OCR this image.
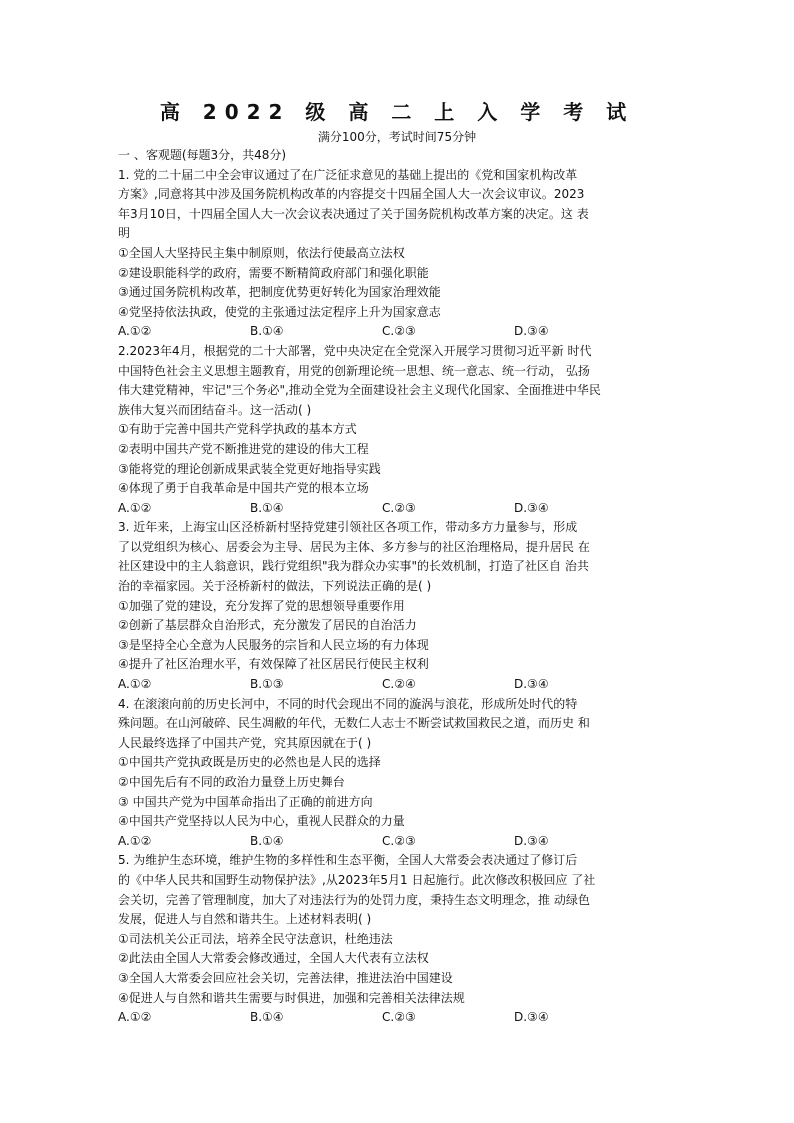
高 2022 级 高 二 上 入 学 考 试
满分100分，考试时间75分钟
一 、客观题(每题3分，共48分)
1. 党的二十届二中全会审议通过了在广泛征求意见的基础上提出的《党和国家机构改革
方案》,同意将其中涉及国务院机构改革的内容提交十四届全国人大一次会议审议。2023
年3月10日，十四届全国人大一次会议表决通过了关于国务院机构改革方案的决定。这 表
明
①全国人大坚持民主集中制原则，依法行使最高立法权
②建设职能科学的政府，需要不断精简政府部门和强化职能
③通过国务院机构改革，把制度优势更好转化为国家治理效能
④党坚持依法执政，使党的主张通过法定程序上升为国家意志
A.①②	B.①④	C.②③	D.③④
2.2023年4月，根据党的二十大部署，党中央决定在全党深入开展学习贯彻习近平新 时代
中国特色社会主义思想主题教育，用党的创新理论统一思想、统一意志、统一行动， 弘扬
伟大建党精神，牢记"三个务必",推动全党为全面建设社会主义现代化国家、全面推进中华民
族伟大复兴而团结奋斗。这一活动( )
①有助于完善中国共产党科学执政的基本方式
②表明中国共产党不断推进党的建设的伟大工程
③能将党的理论创新成果武装全党更好地指导实践
④体现了勇于自我革命是中国共产党的根本立场
A.①②	B.①④	C.②③	D.③④
3. 近年来，上海宝山区泾桥新村坚持党建引领社区各项工作，带动多方力量参与，形成
了以党组织为核心、居委会为主导、居民为主体、多方参与的社区治理格局，提升居民 在
社区建设中的主人翁意识，践行党组织"我为群众办实事"的长效机制，打造了社区自 治共
治的幸福家园。关于泾桥新村的做法，下列说法正确的是( )
①加强了党的建设，充分发挥了党的思想领导重要作用
②创新了基层群众自治形式，充分激发了居民的自治活力
③是坚持全心全意为人民服务的宗旨和人民立场的有力体现
④提升了社区治理水平，有效保障了社区居民行使民主权利
A.①②	B.①③	C.②④	D.③④
4. 在滚滚向前的历史长河中，不同的时代会现出不同的漩涡与浪花，形成所处时代的特
殊问题。在山河破碎、民生凋敝的年代，无数仁人志士不断尝试救国救民之道，而历史 和
人民最终选择了中国共产党，究其原因就在于( )
①中国共产党执政既是历史的必然也是人民的选择
②中国先后有不同的政治力量登上历史舞台
③ 中国共产党为中国革命指出了正确的前进方向
④中国共产党坚持以人民为中心，重视人民群众的力量
A.①②	B.①④	C.②③	D.③④
5. 为维护生态环境，维护生物的多样性和生态平衡，全国人大常委会表决通过了修订后
的《中华人民共和国野生动物保护法》,从2023年5月1 日起施行。此次修改积极回应 了社
会关切，完善了管理制度，加大了对违法行为的处罚力度，秉持生态文明理念，推 动绿色
发展，促进人与自然和谐共生。上述材料表明( )
①司法机关公正司法，培养全民守法意识，杜绝违法
②此法由全国人大常委会修改通过，全国人大代表有立法权
③全国人大常委会回应社会关切，完善法律，推进法治中国建设
④促进人与自然和谐共生需要与时俱进，加强和完善相关法律法规
A.①②	B.①④	C.②③	D.③④
